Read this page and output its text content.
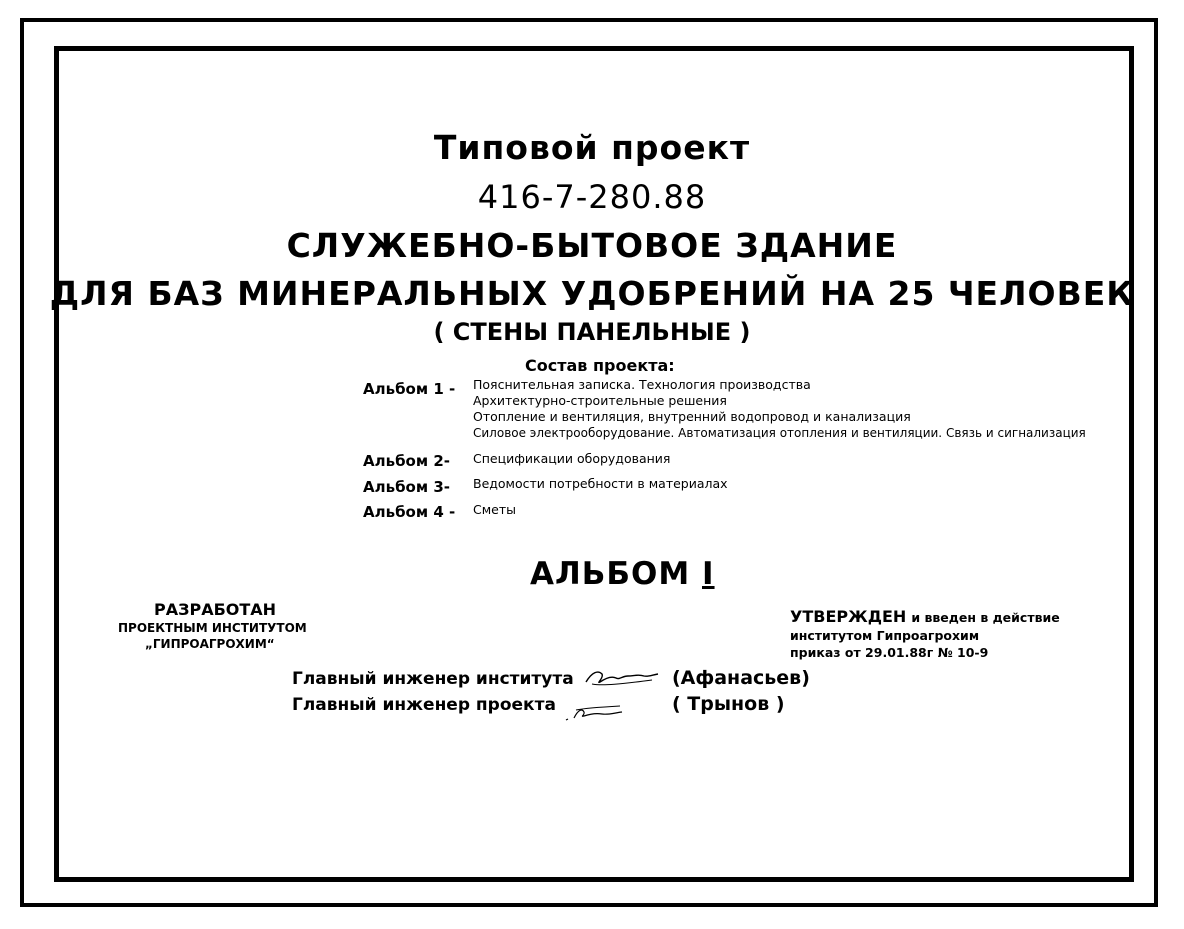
Типовой проект
416-7-280.88
СЛУЖЕБНО-БЫТОВОЕ ЗДАНИЕ
ДЛЯ БАЗ МИНЕРАЛЬНЫХ УДОБРЕНИЙ НА 25 ЧЕЛОВЕК
( СТЕНЫ ПАНЕЛЬНЫЕ )
Состав проекта:
Альбом 1 - Пояснительная записка. Технология производства
Архитектурно-строительные решения
Отопление и вентиляция, внутренний водопровод и канализация
Силовое электрооборудование. Автоматизация отопления и вентиляции. Связь и сигнализация
Альбом 2- Спецификации оборудования
Альбом 3- Ведомости потребности в материалах
Альбом 4 - Сметы
АЛЬБОМ I
РАЗРАБОТАН
ПРОЕКТНЫМ ИНСТИТУТОМ
„ГИПРОАГРОХИМ“
УТВЕРЖДЕН и введен в действие
институтом Гипроагрохим
приказ от 29.01.88г № 10-9
Главный инженер института	(Афанасьев)
Главный инженер проекта	( Трынов )
